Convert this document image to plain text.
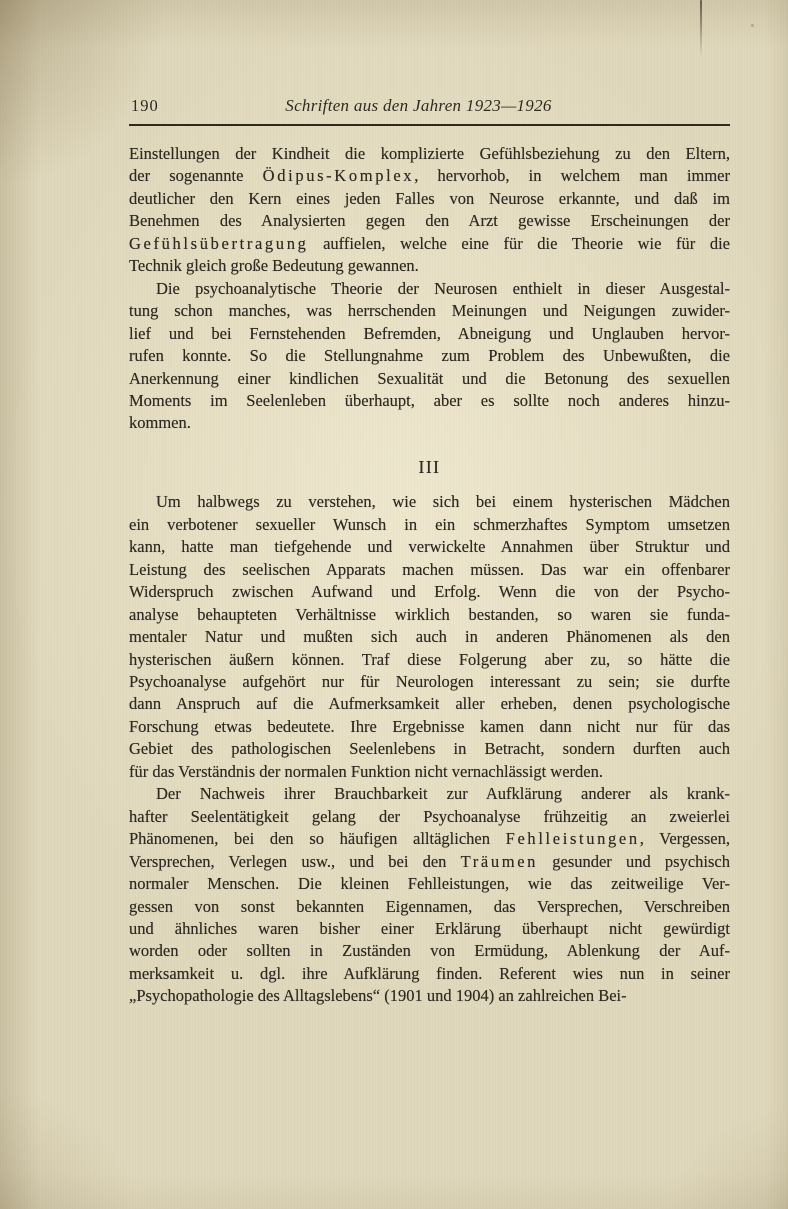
190	Schriften aus den Jahren 1923—1926
Einstellungen der Kindheit die komplizierte Gefühlsbeziehung zu den Eltern,
der sogenannte Ödipus-Komplex, hervorhob, in welchem man immer
deutlicher den Kern eines jeden Falles von Neurose erkannte, und daß im
Benehmen des Analysierten gegen den Arzt gewisse Erscheinungen der
Gefühlsübertragung auffielen, welche eine für die Theorie wie für die
Technik gleich große Bedeutung gewannen.
Die psychoanalytische Theorie der Neurosen enthielt in dieser Ausgestal-
tung schon manches, was herrschenden Meinungen und Neigungen zuwider-
lief und bei Fernstehenden Befremden, Abneigung und Unglauben hervor-
rufen konnte. So die Stellungnahme zum Problem des Unbewußten, die
Anerkennung einer kindlichen Sexualität und die Betonung des sexuellen
Moments im Seelenleben überhaupt, aber es sollte noch anderes hinzu-
kommen.
III
Um halbwegs zu verstehen, wie sich bei einem hysterischen Mädchen
ein verbotener sexueller Wunsch in ein schmerzhaftes Symptom umsetzen
kann, hatte man tiefgehende und verwickelte Annahmen über Struktur und
Leistung des seelischen Apparats machen müssen. Das war ein offenbarer
Widerspruch zwischen Aufwand und Erfolg. Wenn die von der Psycho-
analyse behaupteten Verhältnisse wirklich bestanden, so waren sie funda-
mentaler Natur und mußten sich auch in anderen Phänomenen als den
hysterischen äußern können. Traf diese Folgerung aber zu, so hätte die
Psychoanalyse aufgehört nur für Neurologen interessant zu sein; sie durfte
dann Anspruch auf die Aufmerksamkeit aller erheben, denen psychologische
Forschung etwas bedeutete. Ihre Ergebnisse kamen dann nicht nur für das
Gebiet des pathologischen Seelenlebens in Betracht, sondern durften auch
für das Verständnis der normalen Funktion nicht vernachlässigt werden.
Der Nachweis ihrer Brauchbarkeit zur Aufklärung anderer als krank-
hafter Seelentätigkeit gelang der Psychoanalyse frühzeitig an zweierlei
Phänomenen, bei den so häufigen alltäglichen Fehlleistungen, Vergessen,
Versprechen, Verlegen usw., und bei den Träumen gesunder und psychisch
normaler Menschen. Die kleinen Fehlleistungen, wie das zeitweilige Ver-
gessen von sonst bekannten Eigennamen, das Versprechen, Verschreiben
und ähnliches waren bisher einer Erklärung überhaupt nicht gewürdigt
worden oder sollten in Zuständen von Ermüdung, Ablenkung der Auf-
merksamkeit u. dgl. ihre Aufklärung finden. Referent wies nun in seiner
„Psychopathologie des Alltagslebens“ (1901 und 1904) an zahlreichen Bei-
